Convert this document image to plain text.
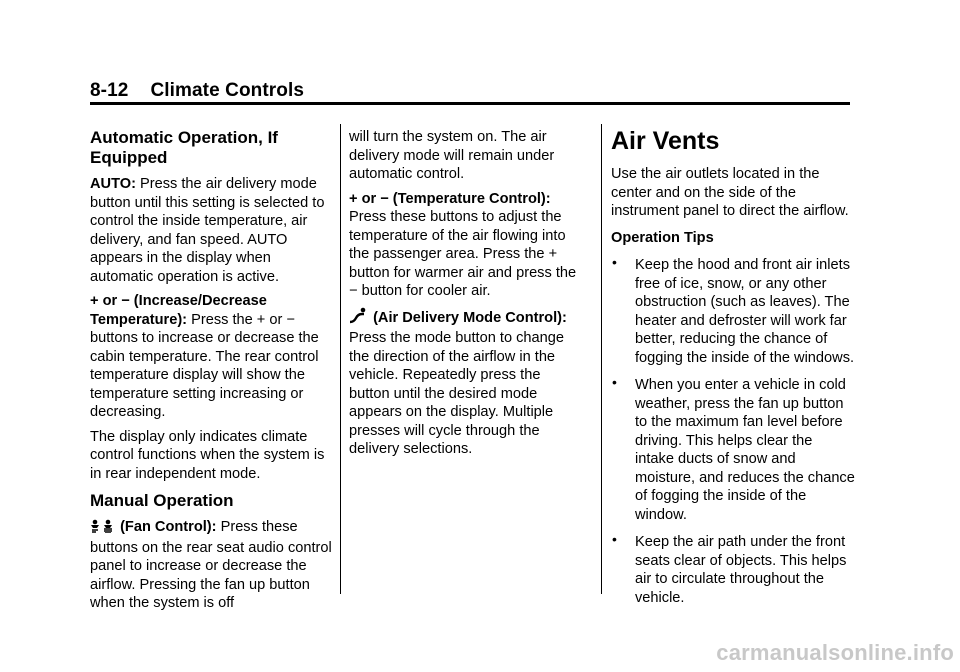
8-12 Climate Controls
Automatic Operation, If Equipped

AUTO: Press the air delivery mode button until this setting is selected to control the inside temperature, air delivery, and fan speed. AUTO appears in the display when automatic operation is active.

+ or − (Increase/Decrease Temperature): Press the + or − buttons to increase or decrease the cabin temperature. The rear control temperature display will show the temperature setting increasing or decreasing.

The display only indicates climate control functions when the system is in rear independent mode.

Manual Operation

(Fan Control): Press these buttons on the rear seat audio control panel to increase or decrease the airflow. Pressing the fan up button when the system is off

will turn the system on. The air delivery mode will remain under automatic control.

+ or − (Temperature Control): Press these buttons to adjust the temperature of the air flowing into the passenger area. Press the + button for warmer air and press the − button for cooler air.

(Air Delivery Mode Control): Press the mode button to change the direction of the airflow in the vehicle. Repeatedly press the button until the desired mode appears on the display. Multiple presses will cycle through the delivery selections.

Air Vents

Use the air outlets located in the center and on the side of the instrument panel to direct the airflow.

Operation Tips
• Keep the hood and front air inlets free of ice, snow, or any other obstruction (such as leaves). The heater and defroster will work far better, reducing the chance of fogging the inside of the windows.
• When you enter a vehicle in cold weather, press the fan up button to the maximum fan level before driving. This helps clear the intake ducts of snow and moisture, and reduces the chance of fogging the inside of the window.
• Keep the air path under the front seats clear of objects. This helps air to circulate throughout the vehicle.
carmanualsonline.info
